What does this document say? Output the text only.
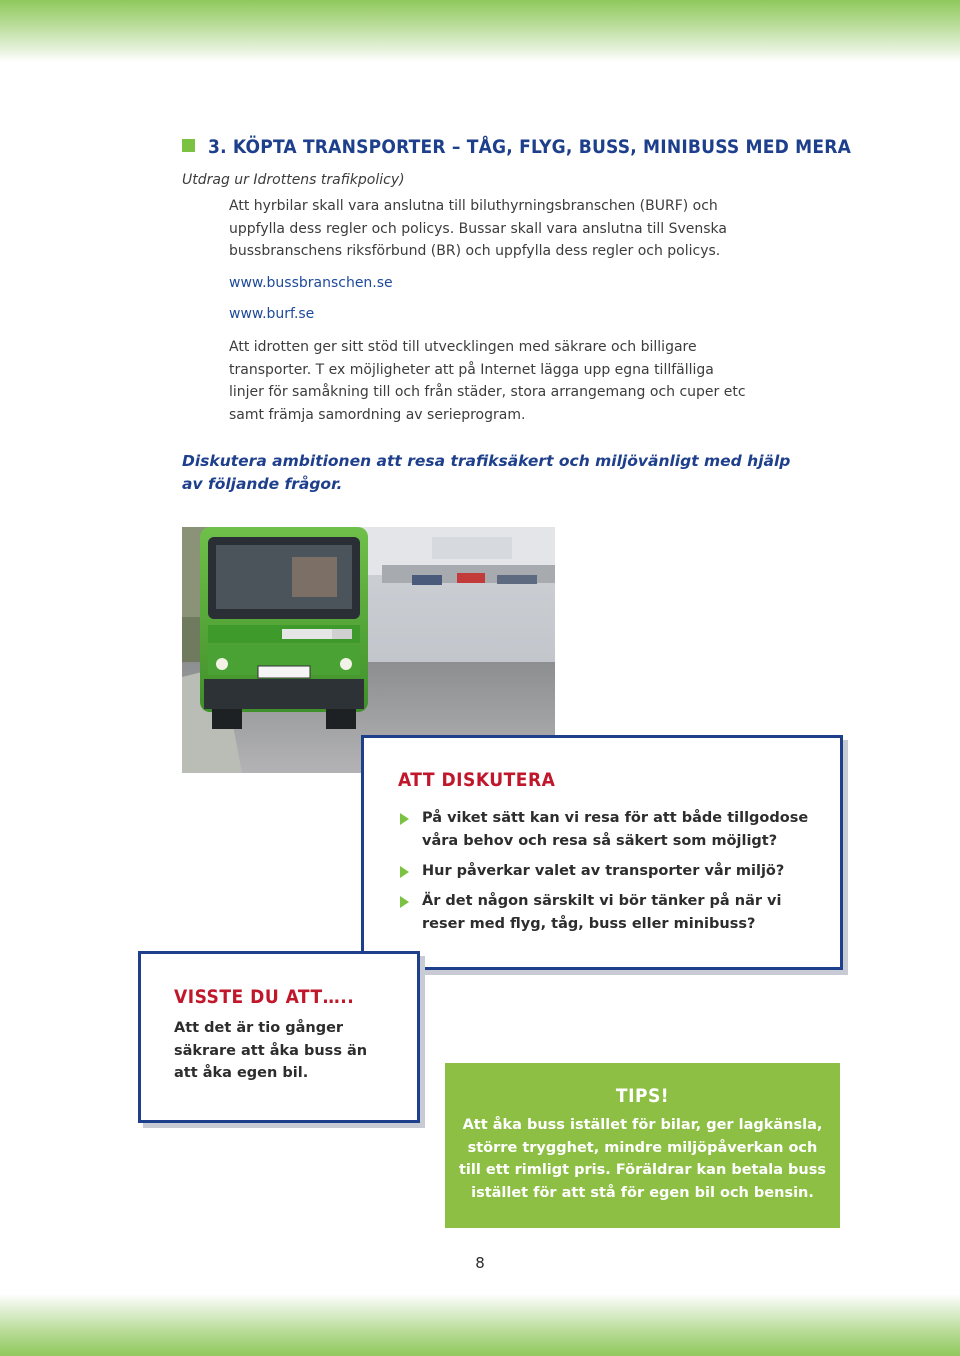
3. KÖPTA TRANSPORTER – TÅG, FLYG, BUSS, MINIBUSS MED MERA
Utdrag ur Idrottens trafikpolicy)
Att hyrbilar skall vara anslutna till biluthyrningsbranschen (BURF) och uppfylla dess regler och policys. Bussar skall vara anslutna till Svenska bussbranschens riksförbund (BR) och uppfylla dess regler och policys.
www.bussbranschen.se
www.burf.se
Att idrotten ger sitt stöd till utvecklingen med säkrare och billigare transporter. T ex möjligheter att på Internet lägga upp egna tillfälliga linjer för samåkning till och från städer, stora arrangemang och cuper etc samt främja samordning av serieprogram.
Diskutera ambitionen att resa trafiksäkert och miljövänligt med hjälp av följande frågor.
ATT DISKUTERA
På viket sätt kan vi resa för att både tillgodose våra behov och resa så säkert som möjligt?
Hur påverkar valet av transporter vår miljö?
Är det någon särskilt vi bör tänker på när vi reser med flyg, tåg, buss eller minibuss?
VISSTE DU ATT…..
Att det är tio gånger säkrare att åka buss än att åka egen bil.
TIPS!
Att åka buss istället för bilar, ger lagkänsla, större trygghet, mindre miljöpåverkan och till ett rimligt pris. Föräldrar kan betala buss istället för att stå för egen bil och bensin.
8
